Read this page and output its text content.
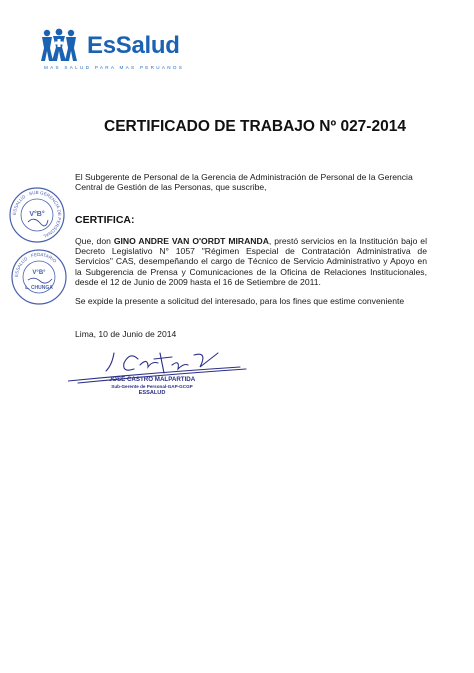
EsSalud
MAS SALUD PARA MAS PERUANOS
CERTIFICADO DE TRABAJO Nº 027-2014
El Subgerente de Personal de la Gerencia de Administración de Personal de la Gerencia Central de Gestión de las Personas, que suscribe,
ESSALUD · SUB GERENCIA DE PERSONAL
V°B°	CERTIFICA:
ESSALUD · FEDATARIO
V°B°
L. CHUNGA
Que, don GINO ANDRE VAN O'ORDT MIRANDA, prestó servicios en la Institución bajo el Decreto Legislativo N° 1057 "Régimen Especial de Contratación Administrativa de Servicios" CAS, desempeñando el cargo de Técnico de Servicio Administrativo y Apoyo en la Subgerencia de Prensa y Comunicaciones de la Oficina de Relaciones Institucionales, desde el 12 de Junio de 2009 hasta el 16 de Setiembre de 2011.
Se expide la presente a solicitud del interesado, para los fines que estime conveniente
Lima, 10 de Junio de 2014
JOSE CASTRO MALPARTIDA
Sub-Gerente de Personal-GAP-GCGP
ESSALUD
